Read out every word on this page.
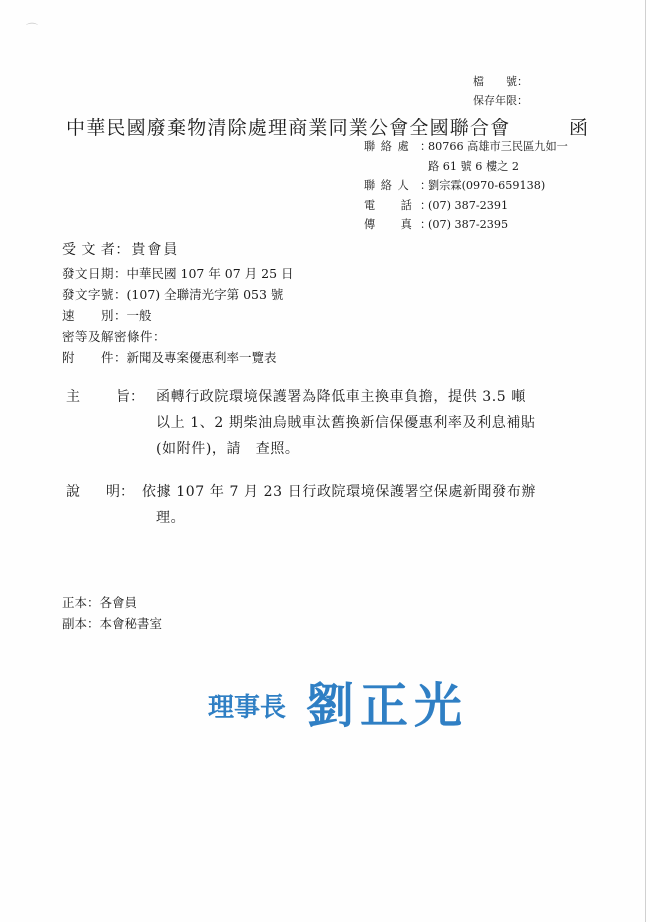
⌒
檔　　號 ：
保存年限 ：
中華民國廢棄物清除處理商業同業公會全國聯合會	函
聯 絡 處 ：
80766 高雄市三民區九如一
路 61 號 6 樓之 2
聯 絡 人 ：
劉宗霖(0970-659138)
電　　話 ：
(07) 387-2391
傳　　真 ：
(07) 387-2395
受 文 者 ： 貴會員
發文日期 ： 中華民國 107 年 07 月 25 日
發文字號 ： (107) 全聯清光字第 053 號
速　　別 ： 一般
密等及解密條件 ：
附　　件 ： 新聞及專案優惠利率一覽表
主	旨： 函轉行政院環境保護署為降低車主換車負擔，提供 3.5 噸
以上 1、2 期柴油烏賊車汰舊換新信保優惠利率及利息補貼
(如附件)，請　查照。
說 明： 依據 107 年 7 月 23 日行政院環境保護署空保處新聞發布辦
理。
正本：各會員
副本：本會秘書室
理事長 劉正光
